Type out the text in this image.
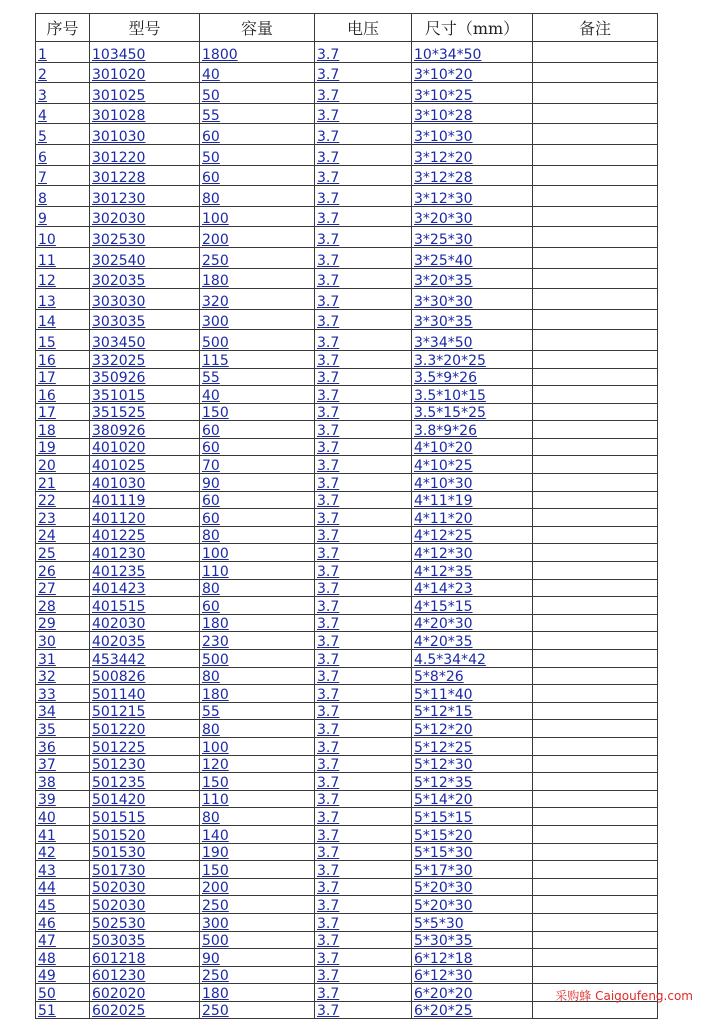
序号	型号	容量	电压	尺寸（mm）	备注
1	103450	1800	3.7	10*34*50	
2	301020	40	3.7	3*10*20	
3	301025	50	3.7	3*10*25	
4	301028	55	3.7	3*10*28	
5	301030	60	3.7	3*10*30	
6	301220	50	3.7	3*12*20	
7	301228	60	3.7	3*12*28	
8	301230	80	3.7	3*12*30	
9	302030	100	3.7	3*20*30	
10	302530	200	3.7	3*25*30	
11	302540	250	3.7	3*25*40	
12	302035	180	3.7	3*20*35	
13	303030	320	3.7	3*30*30	
14	303035	300	3.7	3*30*35	
15	303450	500	3.7	3*34*50	
16	332025	115	3.7	3.3*20*25	
17	350926	55	3.7	3.5*9*26	
16	351015	40	3.7	3.5*10*15	
17	351525	150	3.7	3.5*15*25	
18	380926	60	3.7	3.8*9*26	
19	401020	60	3.7	4*10*20	
20	401025	70	3.7	4*10*25	
21	401030	90	3.7	4*10*30	
22	401119	60	3.7	4*11*19	
23	401120	60	3.7	4*11*20	
24	401225	80	3.7	4*12*25	
25	401230	100	3.7	4*12*30	
26	401235	110	3.7	4*12*35	
27	401423	80	3.7	4*14*23	
28	401515	60	3.7	4*15*15	
29	402030	180	3.7	4*20*30	
30	402035	230	3.7	4*20*35	
31	453442	500	3.7	4.5*34*42	
32	500826	80	3.7	5*8*26	
33	501140	180	3.7	5*11*40	
34	501215	55	3.7	5*12*15	
35	501220	80	3.7	5*12*20	
36	501225	100	3.7	5*12*25	
37	501230	120	3.7	5*12*30	
38	501235	150	3.7	5*12*35	
39	501420	110	3.7	5*14*20	
40	501515	80	3.7	5*15*15	
41	501520	140	3.7	5*15*20	
42	501530	190	3.7	5*15*30	
43	501730	150	3.7	5*17*30	
44	502030	200	3.7	5*20*30	
45	502030	250	3.7	5*20*30	
46	502530	300	3.7	5*5*30	
47	503035	500	3.7	5*30*35	
48	601218	90	3.7	6*12*18	
49	601230	250	3.7	6*12*30	
50	602020	180	3.7	6*20*20	
51	602025	250	3.7	6*20*25	
采购蜂 Caigoufeng.com
